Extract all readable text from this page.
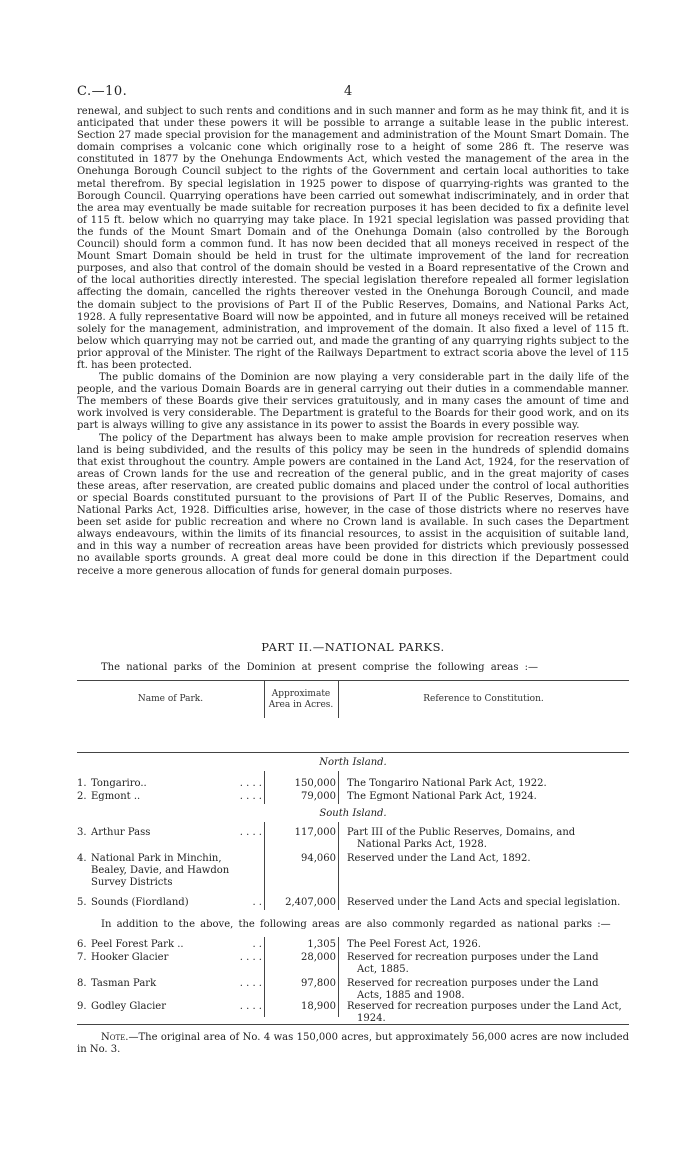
C.—10.	4

renewal, and subject to such rents and conditions and in such manner and form as he may think fit, and it is anticipated that under these powers it will be possible to arrange a suitable lease in the public interest. Section 27 made special provision for the management and administration of the Mount Smart Domain. The domain comprises a volcanic cone which originally rose to a height of some 286 ft. The reserve was constituted in 1877 by the Onehunga Endowments Act, which vested the management of the area in the Onehunga Borough Council subject to the rights of the Government and certain local authorities to take metal therefrom. By special legislation in 1925 power to dispose of quarrying-rights was granted to the Borough Council. Quarrying operations have been carried out somewhat indiscriminately, and in order that the area may eventually be made suitable for recreation purposes it has been decided to fix a definite level of 115 ft. below which no quarrying may take place. In 1921 special legislation was passed providing that the funds of the Mount Smart Domain and of the Onehunga Domain (also controlled by the Borough Council) should form a common fund. It has now been decided that all moneys received in respect of the Mount Smart Domain should be held in trust for the ultimate improvement of the land for recreation purposes, and also that control of the domain should be vested in a Board representative of the Crown and of the local authorities directly interested. The special legislation therefore repealed all former legislation affecting the domain, cancelled the rights thereover vested in the Onehunga Borough Council, and made the domain subject to the provisions of Part II of the Public Reserves, Domains, and National Parks Act, 1928. A fully representative Board will now be appointed, and in future all moneys received will be retained solely for the management, administration, and improvement of the domain. It also fixed a level of 115 ft. below which quarrying may not be carried out, and made the granting of any quarrying rights subject to the prior approval of the Minister. The right of the Railways Department to extract scoria above the level of 115 ft. has been protected.

The public domains of the Dominion are now playing a very considerable part in the daily life of the people, and the various Domain Boards are in general carrying out their duties in a commendable manner. The members of these Boards give their services gratuitously, and in many cases the amount of time and work involved is very considerable. The Department is grateful to the Boards for their good work, and on its part is always willing to give any assistance in its power to assist the Boards in every possible way.

The policy of the Department has always been to make ample provision for recreation reserves when land is being subdivided, and the results of this policy may be seen in the hundreds of splendid domains that exist throughout the country. Ample powers are contained in the Land Act, 1924, for the reservation of areas of Crown lands for the use and recreation of the general public, and in the great majority of cases these areas, after reservation, are created public domains and placed under the control of local authorities or special Boards constituted pursuant to the provisions of Part II of the Public Reserves, Domains, and National Parks Act, 1928. Difficulties arise, however, in the case of those districts where no reserves have been set aside for public recreation and where no Crown land is available. In such cases the Department always endeavours, within the limits of its financial resources, to assist in the acquisition of suitable land, and in this way a number of recreation areas have been provided for districts which previously possessed no available sports grounds. A great deal more could be done in this direction if the Department could receive a more generous allocation of funds for general domain purposes.

PART II.—NATIONAL PARKS.
The national parks of the Dominion at present comprise the following areas :—
Name of Park.	Approximate
Area in Acres.
Reference to Constitution.
North Island.
1. Tongariro..	. . . .	150,000 The Tongariro National Park Act, 1922.
2. Egmont ..	. . . .	79,000 The Egmont National Park Act, 1924.
South Island.
3. Arthur Pass	. . . .	117,000 Part III of the Public Reserves, Domains, and
National Parks Act, 1928.
4. National Park in Minchin,
Bealey, Davie, and Hawdon
Survey Districts
94,060 Reserved under the Land Act, 1892.
5. Sounds (Fiordland)	. .	2,407,000 Reserved under the Land Acts and special legislation.
In addition to the above, the following areas are also commonly regarded as national parks :—
6. Peel Forest Park ..	. .	1,305 The Peel Forest Act, 1926.
7. Hooker Glacier	. . . .	28,000 Reserved for recreation purposes under the Land
Act, 1885.
8. Tasman Park	. . . .	97,800 Reserved for recreation purposes under the Land
Acts, 1885 and 1908.
9. Godley Glacier	. . . .	18,900 Reserved for recreation purposes under the Land Act,
1924.
Note.—The original area of No. 4 was 150,000 acres, but approximately 56,000 acres are now included in No. 3.
